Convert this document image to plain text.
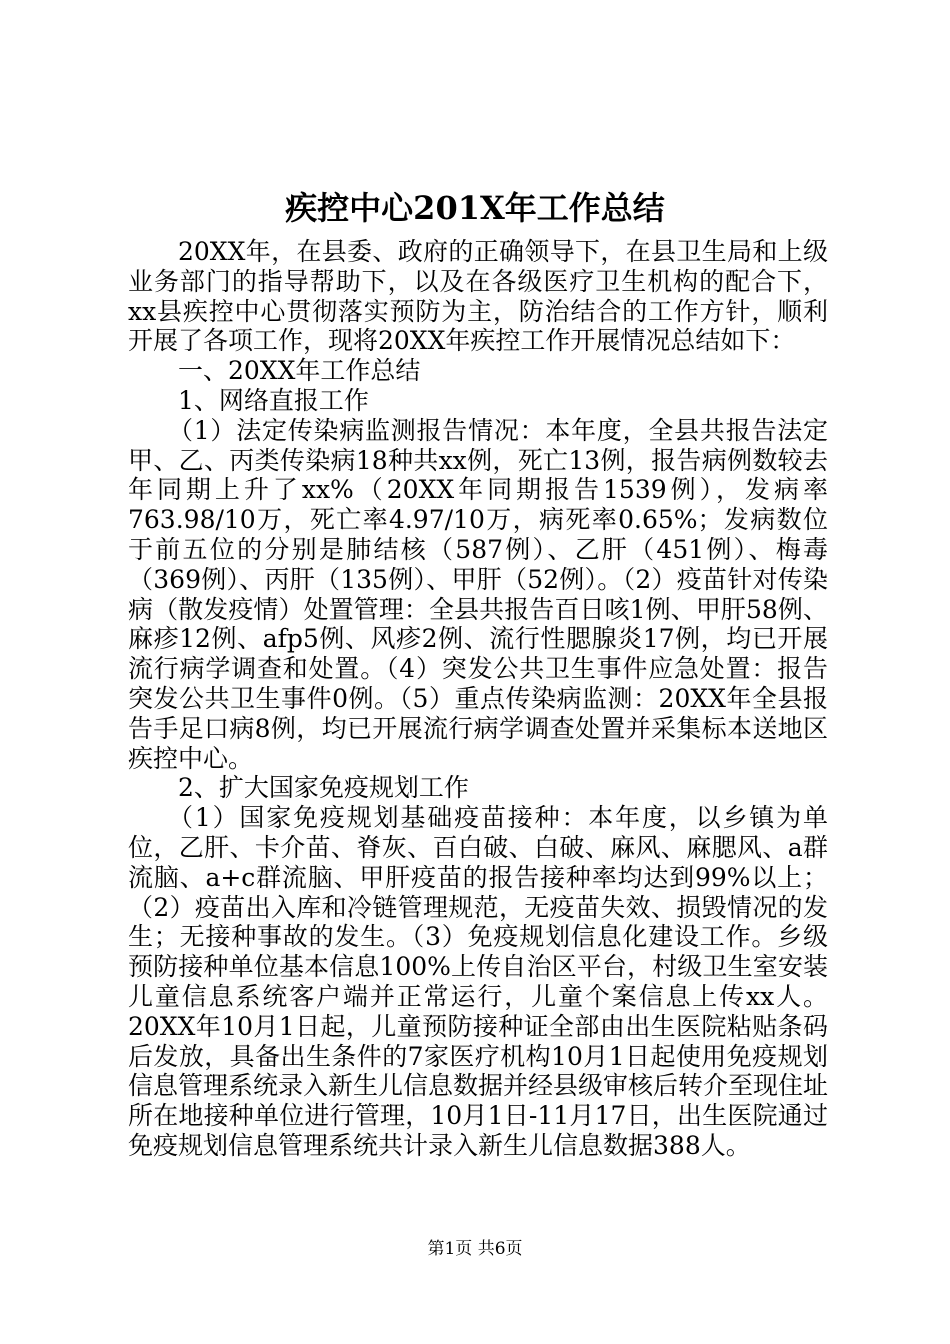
疾控中心201X年工作总结

20XX年，在县委、政府的正确领导下，在县卫生局和上级业务部门的指导帮助下，以及在各级医疗卫生机构的配合下，xx县疾控中心贯彻落实预防为主，防治结合的工作方针，顺利开展了各项工作，现将20XX年疾控工作开展情况总结如下：

一、20XX年工作总结

1、网络直报工作

（1）法定传染病监测报告情况：本年度，全县共报告法定甲、乙、丙类传染病18种共xx例，死亡13例，报告病例数较去年同期上升了xx%（20XX年同期报告1539例），发病率763.98/10万，死亡率4.97/10万，病死率0.65%；发病数位于前五位的分别是肺结核（587例）、乙肝（451例）、梅毒（369例）、丙肝（135例）、甲肝（52例）。（2）疫苗针对传染病（散发疫情）处置管理：全县共报告百日咳1例、甲肝58例、麻疹12例、afp5例、风疹2例、流行性腮腺炎17例，均已开展流行病学调查和处置。（4）突发公共卫生事件应急处置：报告突发公共卫生事件0例。（5）重点传染病监测：20XX年全县报告手足口病8例，均已开展流行病学调查处置并采集标本送地区疾控中心。

2、扩大国家免疫规划工作

（1）国家免疫规划基础疫苗接种：本年度，以乡镇为单位，乙肝、卡介苗、脊灰、百白破、白破、麻风、麻腮风、a群流脑、a+c群流脑、甲肝疫苗的报告接种率均达到99%以上；（2）疫苗出入库和冷链管理规范，无疫苗失效、损毁情况的发生；无接种事故的发生。（3）免疫规划信息化建设工作。乡级预防接种单位基本信息100%上传自治区平台，村级卫生室安装儿童信息系统客户端并正常运行，儿童个案信息上传xx人。20XX年10月1日起，儿童预防接种证全部由出生医院粘贴条码后发放，具备出生条件的7家医疗机构10月1日起使用免疫规划信息管理系统录入新生儿信息数据并经县级审核后转介至现住址所在地接种单位进行管理，10月1日-11月17日，出生医院通过免疫规划信息管理系统共计录入新生儿信息数据388人。

第1页 共6页
